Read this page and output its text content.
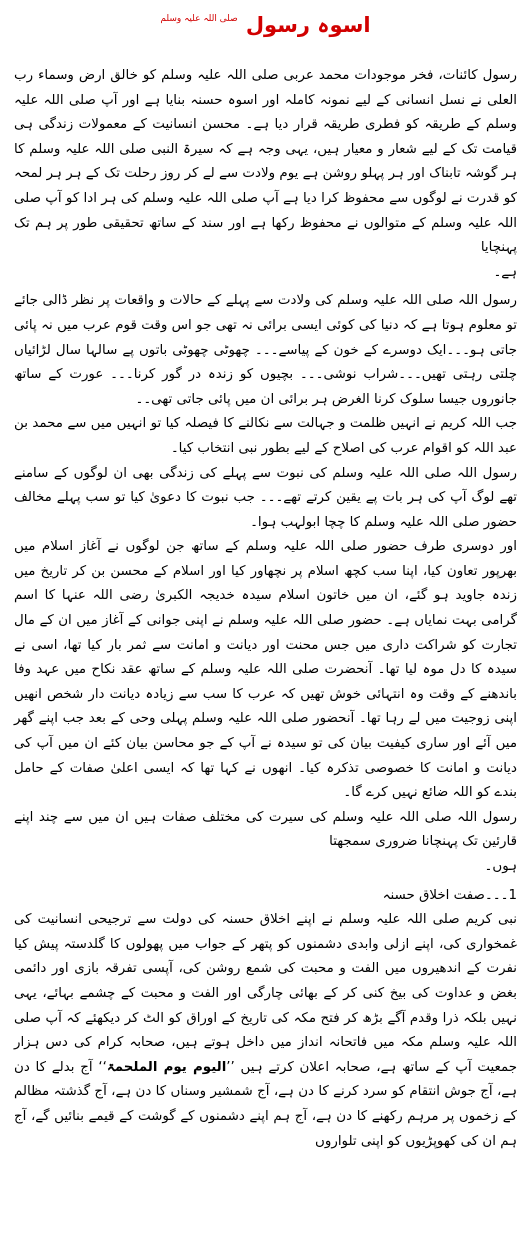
صلی اللہ علیہ وسلم اسوہ رسول

رسول کائنات، فخر موجودات محمد عربی صلی اللہ علیہ وسلم کو خالق ارض وسماء رب العلی نے نسل انسانی کے لیے نمونہ کاملہ اور اسوہ حسنہ بنایا ہے اور آپ صلی اللہ علیہ وسلم کے طریقہ کو فطری طریقہ قرار دیا ہے۔ محسن انسانیت کے معمولات زندگی ہی قیامت تک کے لیے شعار و معیار ہیں، یہی وجہ ہے کہ سیرۃ النبی صلی اللہ علیہ وسلم کا ہر گوشہ تابناک اور ہر پہلو روشن ہے یوم ولادت سے لے کر روز رحلت تک کے ہر ہر لمحہ کو قدرت نے لوگوں سے محفوظ کرا دیا ہے آپ صلی اللہ علیہ وسلم کی ہر ادا کو آپ صلی اللہ علیہ وسلم کے متوالوں نے محفوظ رکھا ہے اور سند کے ساتھ تحقیقی طور پر ہم تک پہنچایا

ہے۔

رسول اللہ صلی اللہ علیہ وسلم کی ولادت سے پہلے کے حالات و واقعات پر نظر ڈالی جائے تو معلوم ہوتا ہے کہ دنیا کی کوئی ایسی برائی نہ تھی جو اس وقت قوم عرب میں نہ پائی جاتی ہو۔۔۔ایک دوسرے کے خون کے پیاسے۔۔۔ چھوٹی چھوٹی باتوں پے سالہا سال لڑائیاں چلتی رہتی تھیں۔۔۔شراب نوشی۔۔۔ بچیوں کو زندہ در گور کرنا۔۔۔ عورت کے ساتھ جانوروں جیسا سلوک کرنا الغرض ہر برائی ان میں پائی جاتی تھی۔۔

جب اللہ کریم نے انہیں ظلمت و جہالت سے نکالنے کا فیصلہ کیا تو انہیں میں سے محمد بن عبد اللہ کو اقوام عرب کی اصلاح کے لیے بطور نبی انتخاب کیا۔

رسول اللہ صلی اللہ علیہ وسلم کی نبوت سے پہلے کی زندگی بھی ان لوگوں کے سامنے تھے لوگ آپ کی ہر بات پے یقین کرتے تھے۔۔۔ جب نبوت کا دعویٰ کیا تو سب پہلے مخالف حضور صلی اللہ علیہ وسلم کا چچا ابولہب ہوا۔

اور دوسری طرف حضور صلی اللہ علیہ وسلم کے ساتھ جن لوگوں نے آغاز اسلام میں بھرپور تعاون کیا، اپنا سب کچھ اسلام پر نچھاور کیا اور اسلام کے محسن بن کر تاریخ میں زندہ جاوید ہو گئے، ان میں خاتون اسلام سیدہ خدیجہ الکبریٰ رضی اللہ عنہا کا اسم گرامی بہت نمایاں ہے۔ حضور صلی اللہ علیہ وسلم نے اپنی جوانی کے آغاز میں ان کے مال تجارت کو شراکت داری میں جس محنت اور دیانت و امانت سے ثمر بار کیا تھا، اسی نے سیدہ کا دل موہ لیا تھا۔ آنحضرت صلی اللہ علیہ وسلم کے ساتھ عقد نکاح میں عہد وفا باندھنے کے وقت وہ انتہائی خوش تھیں کہ عرب کا سب سے زیادہ دیانت دار شخص انھیں اپنی زوجیت میں لے رہا تھا۔ آنحضور صلی اللہ علیہ وسلم پہلی وحی کے بعد جب اپنے گھر میں آئے اور ساری کیفیت بیان کی تو سیدہ نے آپ کے جو محاسن بیان کئے ان میں آپ کی دیانت و امانت کا خصوصی تذکرہ کیا۔ انھوں نے کہا تھا کہ ایسی اعلیٰ صفات کے حامل بندے کو اللہ ضائع نہیں کرے گا۔

رسول اللہ صلی اللہ علیہ وسلم کی سیرت کی مختلف صفات ہیں ان میں سے چند اپنے قارئین تک پہنچانا ضروری سمجھتا

ہوں۔

1۔۔۔صفت اخلاق حسنہ

نبی کریم صلی اللہ علیہ وسلم نے اپنے اخلاق حسنہ کی دولت سے ترجیحی انسانیت کی غمخواری کی، اپنے ازلی وابدی دشمنوں کو پتھر کے جواب میں پھولوں کا گلدستہ پیش کیا نفرت کے اندھیروں میں الفت و محبت کی شمع روشن کی، آپسی تفرقہ بازی اور دائمی بغض و عداوت کی بیخ کنی کر کے بھائی چارگی اور الفت و محبت کے چشمے بہائے، یہی نہیں بلکہ ذرا وقدم آگے بڑھ کر فتح مکہ کی تاریخ کے اوراق کو الٹ کر دیکھئے کہ آپ صلی اللہ علیہ وسلم مکہ میں فاتحانہ انداز میں داخل ہوتے ہیں، صحابہ کرام کی دس ہزار جمعیت آپ کے ساتھ ہے، صحابہ اعلان کرتے ہیں ’’الیوم یوم الملحمۃ‘‘ آج بدلے کا دن ہے، آج جوش انتقام کو سرد کرنے کا دن ہے، آج شمشیر وسناں کا دن ہے، آج گذشتہ مظالم کے زخموں پر مرہم رکھنے کا دن ہے، آج ہم اپنے دشمنوں کے گوشت کے قیمے بنائیں گے، آج ہم ان کی کھوپڑیوں کو اپنی تلواروں
